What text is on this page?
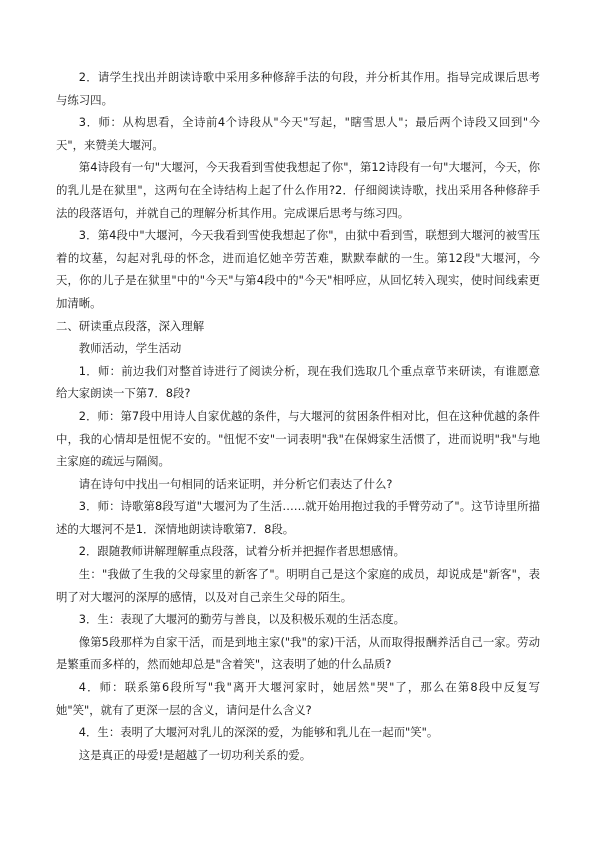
2．请学生找出并朗读诗歌中采用多种修辞手法的句段，并分析其作用。指导完成课后思考与练习四。

3．师：从构思看，全诗前4个诗段从"今天"写起，"瞎雪思人"；最后两个诗段又回到"今天"，来赞美大堰河。

第4诗段有一句"大堰河，今天我看到雪使我想起了你"，第12诗段有一句"大堰河，今天，你的乳儿是在狱里"，这两句在全诗结构上起了什么作用?2．仔细阅读诗歌，找出采用各种修辞手法的段落语句，并就自己的理解分析其作用。完成课后思考与练习四。

3．第4段中"大堰河，今天我看到雪使我想起了你"，由狱中看到雪，联想到大堰河的被雪压着的坟墓，勾起对乳母的怀念，进而追忆她辛劳苦难，默默奉献的一生。第12段"大堰河，今天，你的儿子是在狱里"中的"今天"与第4段中的"今天"相呼应，从回忆转入现实，使时间线索更加清晰。

二、研读重点段落，深入理解

教师活动，学生活动

1．师：前边我们对整首诗进行了阅读分析，现在我们选取几个重点章节来研读，有谁愿意给大家朗读一下第7．8段?

2．师：第7段中用诗人自家优越的条件，与大堰河的贫困条件相对比，但在这种优越的条件中，我的心情却是忸怩不安的。"忸怩不安"一词表明"我"在保姆家生活惯了，进而说明"我"与地主家庭的疏远与隔阂。

请在诗句中找出一句相同的话来证明，并分析它们表达了什么?

3．师：诗歌第8段写道"大堰河为了生活……就开始用抱过我的手臂劳动了"。这节诗里所描述的大堰河不是1．深情地朗读诗歌第7．8段。

2．跟随教师讲解理解重点段落，试着分析并把握作者思想感情。

生："我做了生我的父母家里的新客了"。明明自己是这个家庭的成员，却说成是"新客"，表明了对大堰河的深厚的感情，以及对自己亲生父母的陌生。

3．生：表现了大堰河的勤劳与善良，以及积极乐观的生活态度。

像第5段那样为自家干活，而是到地主家("我"的家)干活，从而取得报酬养活自己一家。劳动是繁重而多样的，然而她却总是"含着笑"，这表明了她的什么品质?

4．师：联系第6段所写"我"离开大堰河家时，她居然"哭"了，那么在第8段中反复写她"笑"，就有了更深一层的含义，请问是什么含义?

4．生：表明了大堰河对乳儿的深深的爱，为能够和乳儿在一起而"笑"。

这是真正的母爱!是超越了一切功利关系的爱。
